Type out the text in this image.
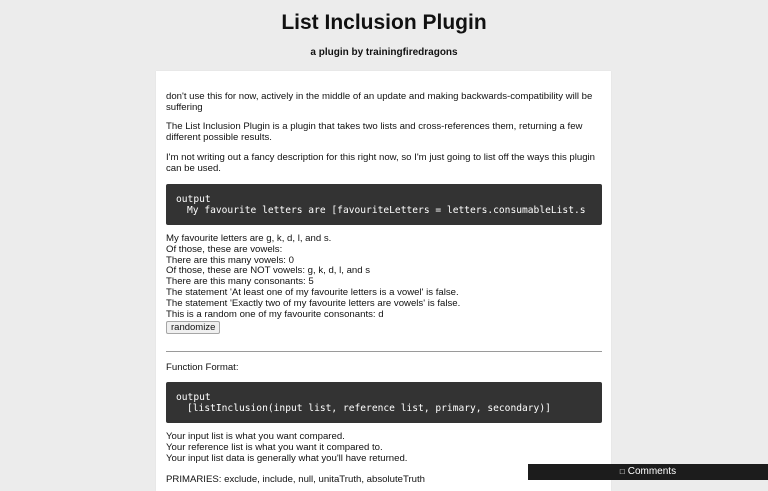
List Inclusion Plugin
a plugin by trainingfiredragons

don't use this for now, actively in the middle of an update and making backwards-compatibility will be suffering

The List Inclusion Plugin is a plugin that takes two lists and cross-references them, returning a few different possible results.

I'm not writing out a fancy description for this right now, so I'm just going to list off the ways this plugin can be used.

output
My favourite letters are [favouriteLetters = letters.consumableList.s
My favourite letters are g, k, d, l, and s.
Of those, these are vowels:
There are this many vowels: 0
Of those, these are NOT vowels: g, k, d, l, and s
There are this many consonants: 5
The statement 'At least one of my favourite letters is a vowel' is false.
The statement 'Exactly two of my favourite letters are vowels' is false.
This is a random one of my favourite consonants: d
randomize

Function Format:

output
[listInclusion(input list, reference list, primary, secondary)]
Your input list is what you want compared.
Your reference list is what you want it compared to.
Your input list data is generally what you'll have returned.

PRIMARIES: exclude, include, null, unitaTruth, absoluteTruth

□ Comments
